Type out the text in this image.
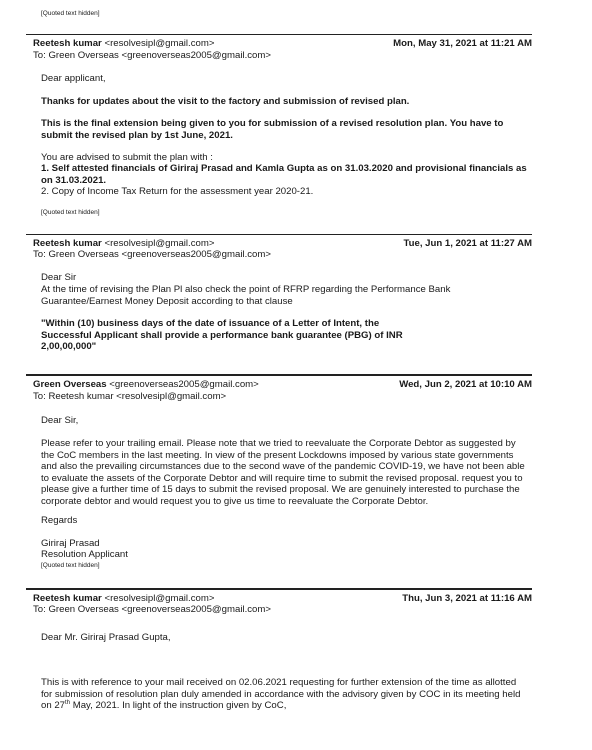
[Quoted text hidden]
Reetesh kumar <resolvesipl@gmail.com>	Mon, May 31, 2021 at 11:21 AM
To: Green Overseas <greenoverseas2005@gmail.com>
Dear applicant,
Thanks for updates about the visit to the factory and submission of revised plan.
This is the final extension being given to you for submission of a revised resolution plan. You have to submit the revised plan by 1st June, 2021.
You are advised to submit the plan with :
1. Self attested financials of Giriraj Prasad and Kamla Gupta as on 31.03.2020 and provisional financials as on 31.03.2021.
2. Copy of Income Tax Return for the assessment year 2020-21.
[Quoted text hidden]
Reetesh kumar <resolvesipl@gmail.com>	Tue, Jun 1, 2021 at 11:27 AM
To: Green Overseas <greenoverseas2005@gmail.com>
Dear Sir
At the time of revising the Plan Pl also check the point of RFRP regarding the Performance Bank Guarantee/Earnest Money Deposit according to that clause
"Within (10) business days of the date of issuance of a Letter of Intent, the Successful Applicant shall provide a performance bank guarantee (PBG) of INR 2,00,00,000"
Green Overseas <greenoverseas2005@gmail.com>	Wed, Jun 2, 2021 at 10:10 AM
To: Reetesh kumar <resolvesipl@gmail.com>
Dear Sir,
Please refer to your trailing email. Please note that we tried to reevaluate the Corporate Debtor as suggested by the CoC members in the last meeting. In view of the present Lockdowns imposed by various state governments and also the prevailing circumstances due to the second wave of the pandemic COVID-19, we have not been able to evaluate the assets of the Corporate Debtor and will require time to submit the revised proposal. request you to please give a further time of 15 days to submit the revised proposal. We are genuinely interested to purchase the corporate debtor and would request you to give us time to reevaluate the Corporate Debtor.
Regards
Giriraj Prasad
Resolution Applicant
[Quoted text hidden]
Reetesh kumar <resolvesipl@gmail.com>	Thu, Jun 3, 2021 at 11:16 AM
To: Green Overseas <greenoverseas2005@gmail.com>
Dear Mr. Giriraj Prasad Gupta,
This is with reference to your mail received on 02.06.2021 requesting for further extension of the time as allotted for submission of resolution plan duly amended in accordance with the advisory given by COC in its meeting held on 27th May, 2021. In light of the instruction given by CoC,
